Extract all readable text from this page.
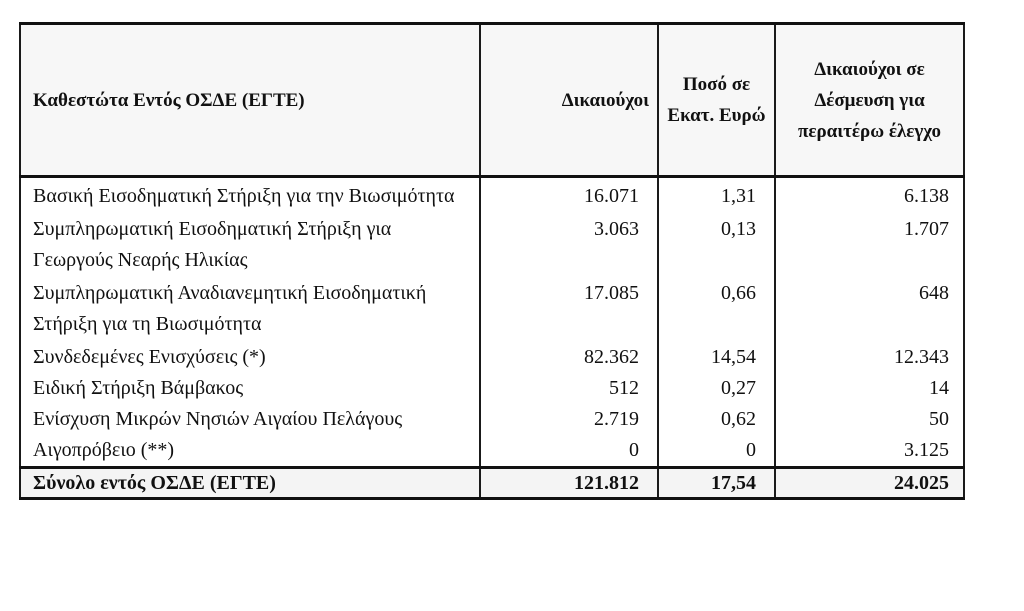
Καθεστώτα Εντός ΟΣΔΕ (ΕΓΤΕ)	Δικαιούχοι	Ποσό σε Εκατ. Ευρώ	Δικαιούχοι σε Δέσμευση για περαιτέρω έλεγχο
Βασική Εισοδηματική Στήριξη για την Βιωσιμότητα	16.071	1,31	6.138
Συμπληρωματική Εισοδηματική Στήριξη για Γεωργούς Νεαρής Ηλικίας	3.063	0,13	1.707
Συμπληρωματική Αναδιανεμητική Εισοδηματική Στήριξη για τη Βιωσιμότητα	17.085	0,66	648
Συνδεδεμένες Ενισχύσεις (*)	82.362	14,54	12.343
Ειδική Στήριξη Βάμβακος	512	0,27	14
Ενίσχυση Μικρών Νησιών Αιγαίου Πελάγους	2.719	0,62	50
Αιγοπρόβειο (**)	0	0	3.125
Σύνολο εντός ΟΣΔΕ (ΕΓΤΕ)	121.812	17,54	24.025
